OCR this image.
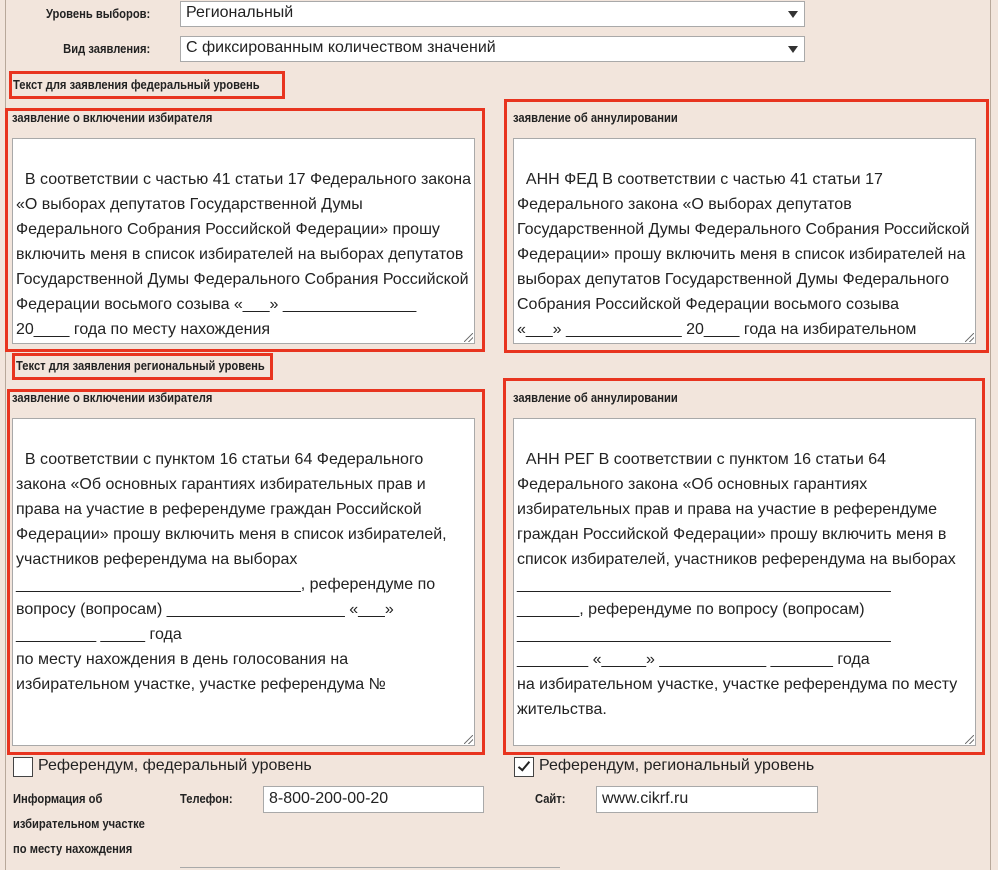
Уровень выборов:	Региональный
Вид заявления:	С фиксированным количеством значений
Текст для заявления федеральный уровень
заявление о включении избирателя

В соответствии с частью 41 статьи 17 Федерального закона
«О выборах депутатов Государственной Думы
Федерального Собрания Российской Федерации» прошу
включить меня в список избирателей на выборах депутатов
Государственной Думы Федерального Собрания Российской
Федерации восьмого созыва «___» _______________
20____ года по месту нахождения

заявление об аннулировании

АНН ФЕД В соответствии с частью 41 статьи 17
Федерального закона «О выборах депутатов
Государственной Думы Федерального Собрания Российской
Федерации» прошу включить меня в список избирателей на
выборах депутатов Государственной Думы Федерального
Собрания Российской Федерации восьмого созыва
«___» _____________ 20____ года на избирательном

Текст для заявления региональный уровень
заявление о включении избирателя

В соответствии с пунктом 16 статьи 64 Федерального
закона «Об основных гарантиях избирательных прав и
права на участие в референдуме граждан Российской
Федерации» прошу включить меня в список избирателей,
участников референдума на выборах
________________________________, референдуме по
вопросу (вопросам) ____________________ «___»
_________ _____ года
по месту нахождения в день голосования на
избирательном участке, участке референдума №

заявление об аннулировании

АНН РЕГ В соответствии с пунктом 16 статьи 64
Федерального закона «Об основных гарантиях
избирательных прав и права на участие в референдуме
граждан Российской Федерации» прошу включить меня в
список избирателей, участников референдума на выборах
__________________________________________
_______, референдуме по вопросу (вопросам)
__________________________________________
________ «_____» ____________ _______ года
на избирательном участке, участке референдума по месту
жительства.

Референдум, федеральный уровень	Референдум, региональный уровень
Информация об
избирательном участке
по месту нахождения
Телефон:	8-800-200-00-20	Сайт:	www.cikrf.ru
